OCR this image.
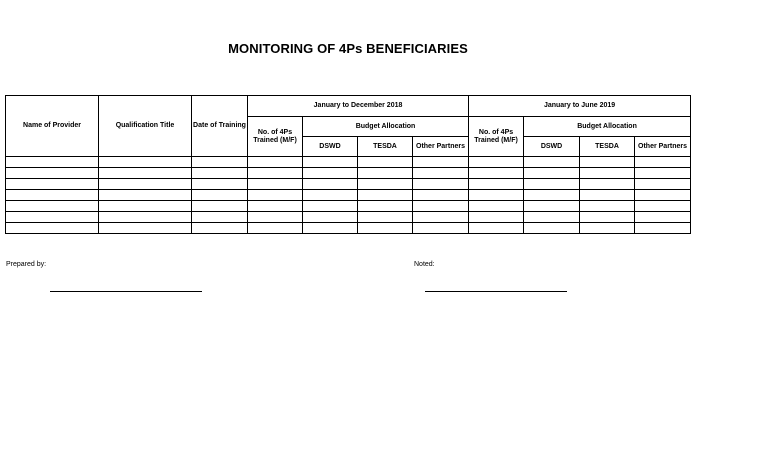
MONITORING OF 4Ps BENEFICIARIES
Name of Provider	Qualification Title	Date of Training	January to December 2018				January to June 2019			
			No. of 4Ps Trained (M/F)	Budget Allocation			No. of 4Ps Trained (M/F)	Budget Allocation		
				DSWD	TESDA	Other Partners		DSWD	TESDA	Other Partners

Prepared by:	Noted:
